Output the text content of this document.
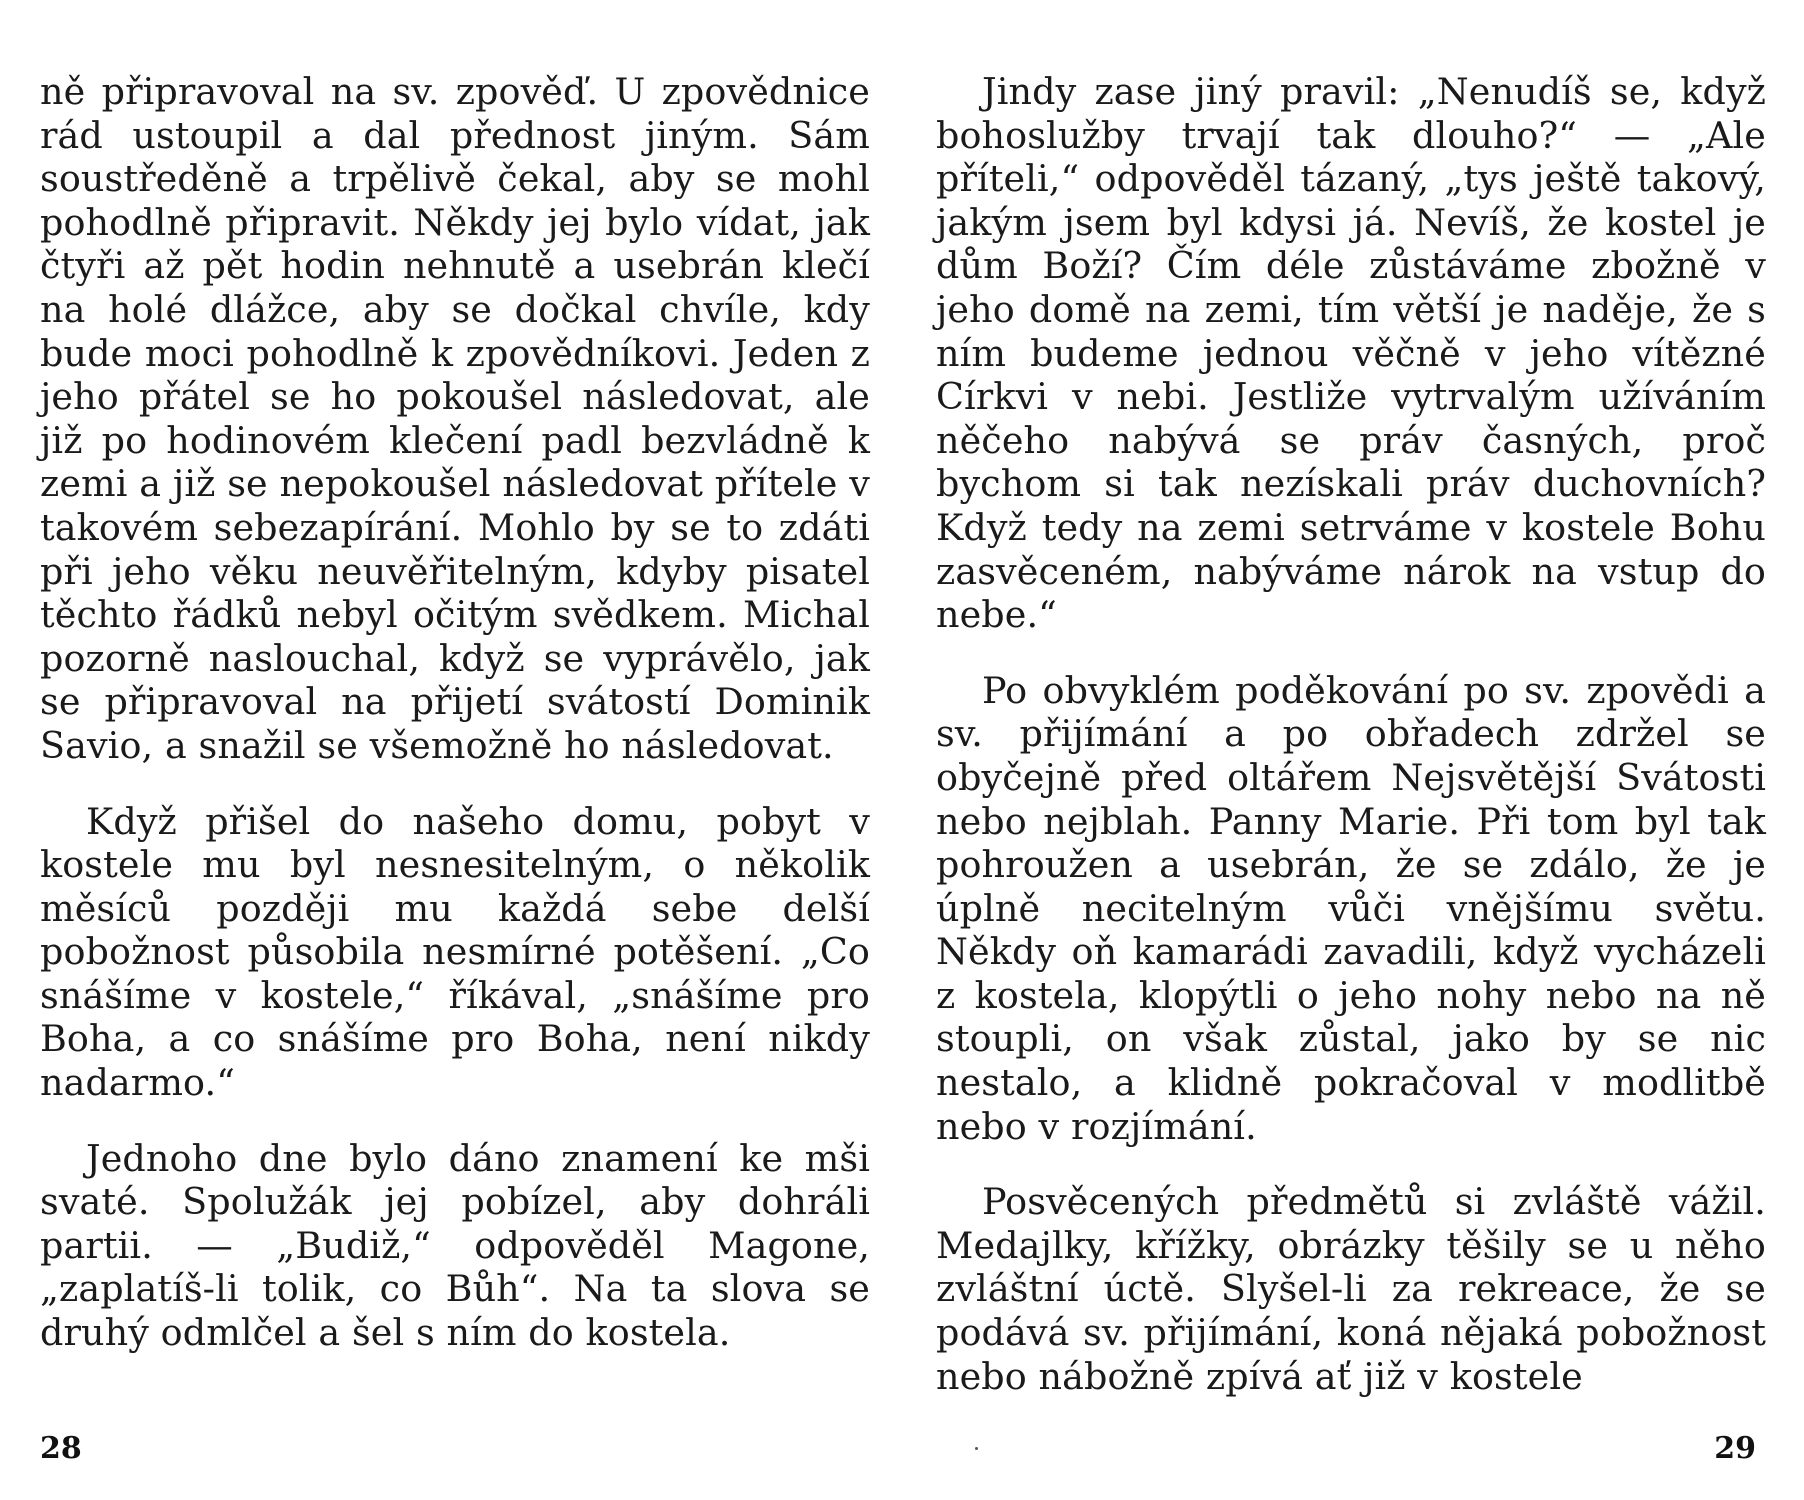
ně připravoval na sv. zpověď. U zpovědnice rád ustoupil a dal přednost jiným. Sám soustředěně a trpělivě čekal, aby se mohl pohodlně připravit. Někdy jej bylo vídat, jak čtyři až pět hodin nehnutě a usebrán klečí na holé dlážce, aby se dočkal chvíle, kdy bude moci pohodlně k zpovědníkovi. Jeden z jeho přátel se ho pokoušel následovat, ale již po hodinovém klečení padl bezvládně k zemi a již se nepokoušel následovat přítele v takovém sebezapírání. Mohlo by se to zdáti při jeho věku neuvěřitelným, kdyby pisatel těchto řádků nebyl očitým svědkem. Michal pozorně naslouchal, když se vyprávělo, jak se připravoval na přijetí svátostí Dominik Savio, a snažil se všemožně ho následovat.

Když přišel do našeho domu, pobyt v kostele mu byl nesnesitelným, o několik měsíců později mu každá sebe delší pobožnost působila nesmírné potěšení. „Co snášíme v kostele,“ říkával, „snášíme pro Boha, a co snášíme pro Boha, není nikdy nadarmo.“

Jednoho dne bylo dáno znamení ke mši svaté. Spolužák jej pobízel, aby dohráli partii. — „Budiž,“ odpověděl Magone, „zaplatíš-li tolik, co Bůh“. Na ta slova se druhý odmlčel a šel s ním do kostela.

28

Jindy zase jiný pravil: „Nenudíš se, když bohoslužby trvají tak dlouho?“ — „Ale příteli,“ odpověděl tázaný, „tys ještě takový, jakým jsem byl kdysi já. Nevíš, že kostel je dům Boží? Čím déle zůstáváme zbožně v jeho domě na zemi, tím větší je naděje, že s ním budeme jednou věčně v jeho vítězné Církvi v nebi. Jestliže vytrvalým užíváním něčeho nabývá se práv časných, proč bychom si tak nezískali práv duchovních? Když tedy na zemi setrváme v kostele Bohu zasvěceném, nabýváme nárok na vstup do nebe.“

Po obvyklém poděkování po sv. zpovědi a sv. přijímání a po obřadech zdržel se obyčejně před oltářem Nejsvětější Svátosti nebo nejblah. Panny Marie. Při tom byl tak pohroužen a usebrán, že se zdálo, že je úplně necitelným vůči vnějšímu světu. Někdy oň kamarádi zavadili, když vycházeli z kostela, klopýtli o jeho nohy nebo na ně stoupli, on však zůstal, jako by se nic nestalo, a klidně pokračoval v modlitbě nebo v rozjímání.

Posvěcených předmětů si zvláště vážil. Medajlky, křížky, obrázky těšily se u něho zvláštní úctě. Slyšel-li za rekreace, že se podává sv. přijímání, koná nějaká pobožnost nebo nábožně zpívá ať již v kostele

29
